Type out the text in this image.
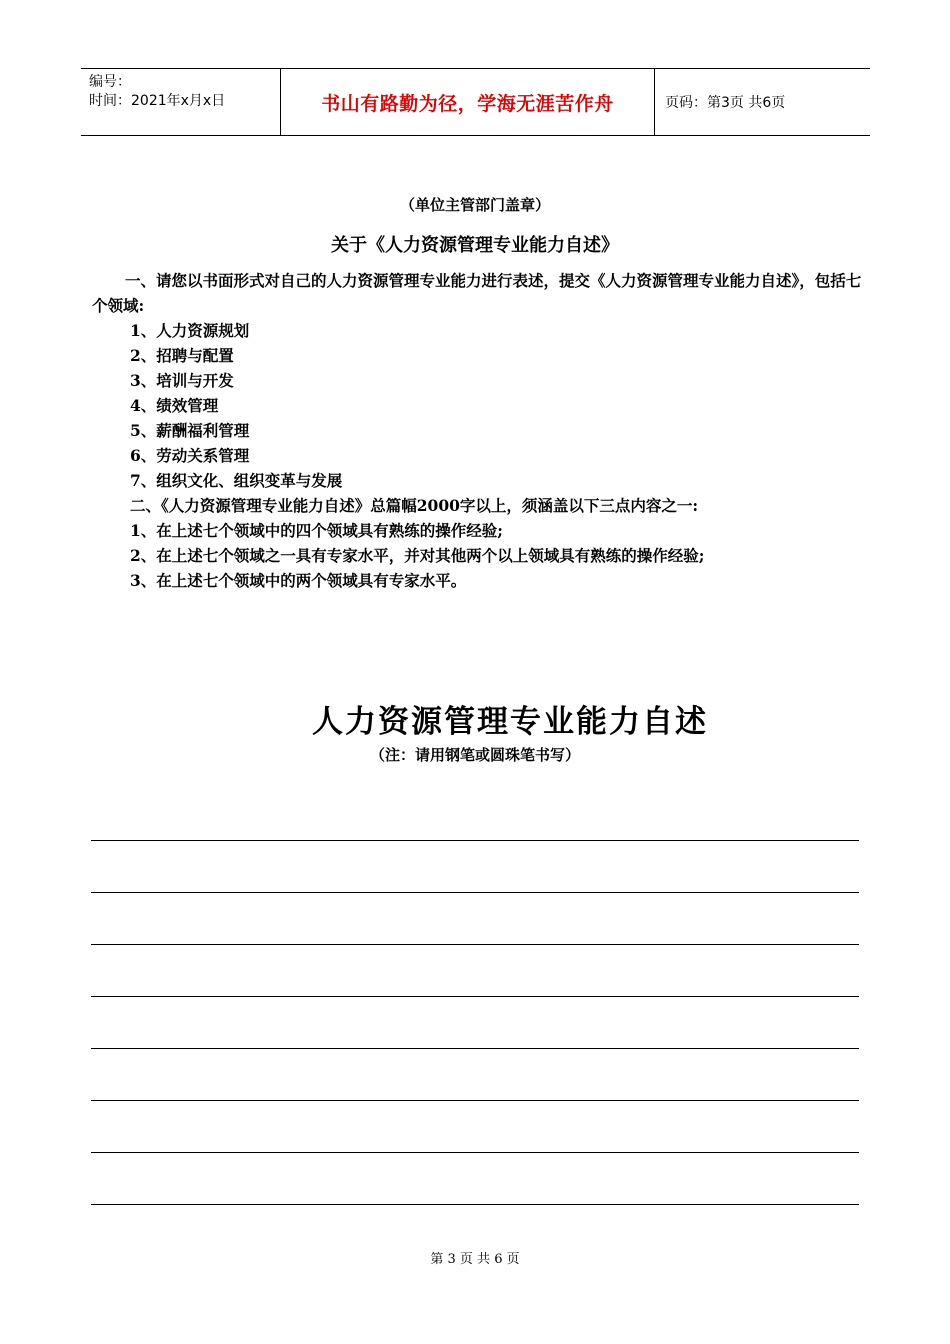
编号：
时间：2021年x月x日	书山有路勤为径，学海无涯苦作舟	页码：第3页 共6页
（单位主管部门盖章）
关于《人力资源管理专业能力自述》

一、请您以书面形式对自己的人力资源管理专业能力进行表述，提交《人力资源管理专业能力自述》，包括七个领域:

1、人力资源规划

2、招聘与配置

3、培训与开发

4、绩效管理

5、薪酬福利管理

6、劳动关系管理

7、组织文化、组织变革与发展

二、《人力资源管理专业能力自述》总篇幅2000字以上，须涵盖以下三点内容之一:

1、在上述七个领域中的四个领域具有熟练的操作经验;

2、在上述七个领域之一具有专家水平，并对其他两个以上领域具有熟练的操作经验;

3、在上述七个领域中的两个领域具有专家水平。

人力资源管理专业能力自述
（注：请用钢笔或圆珠笔书写）
第 3 页 共 6 页
